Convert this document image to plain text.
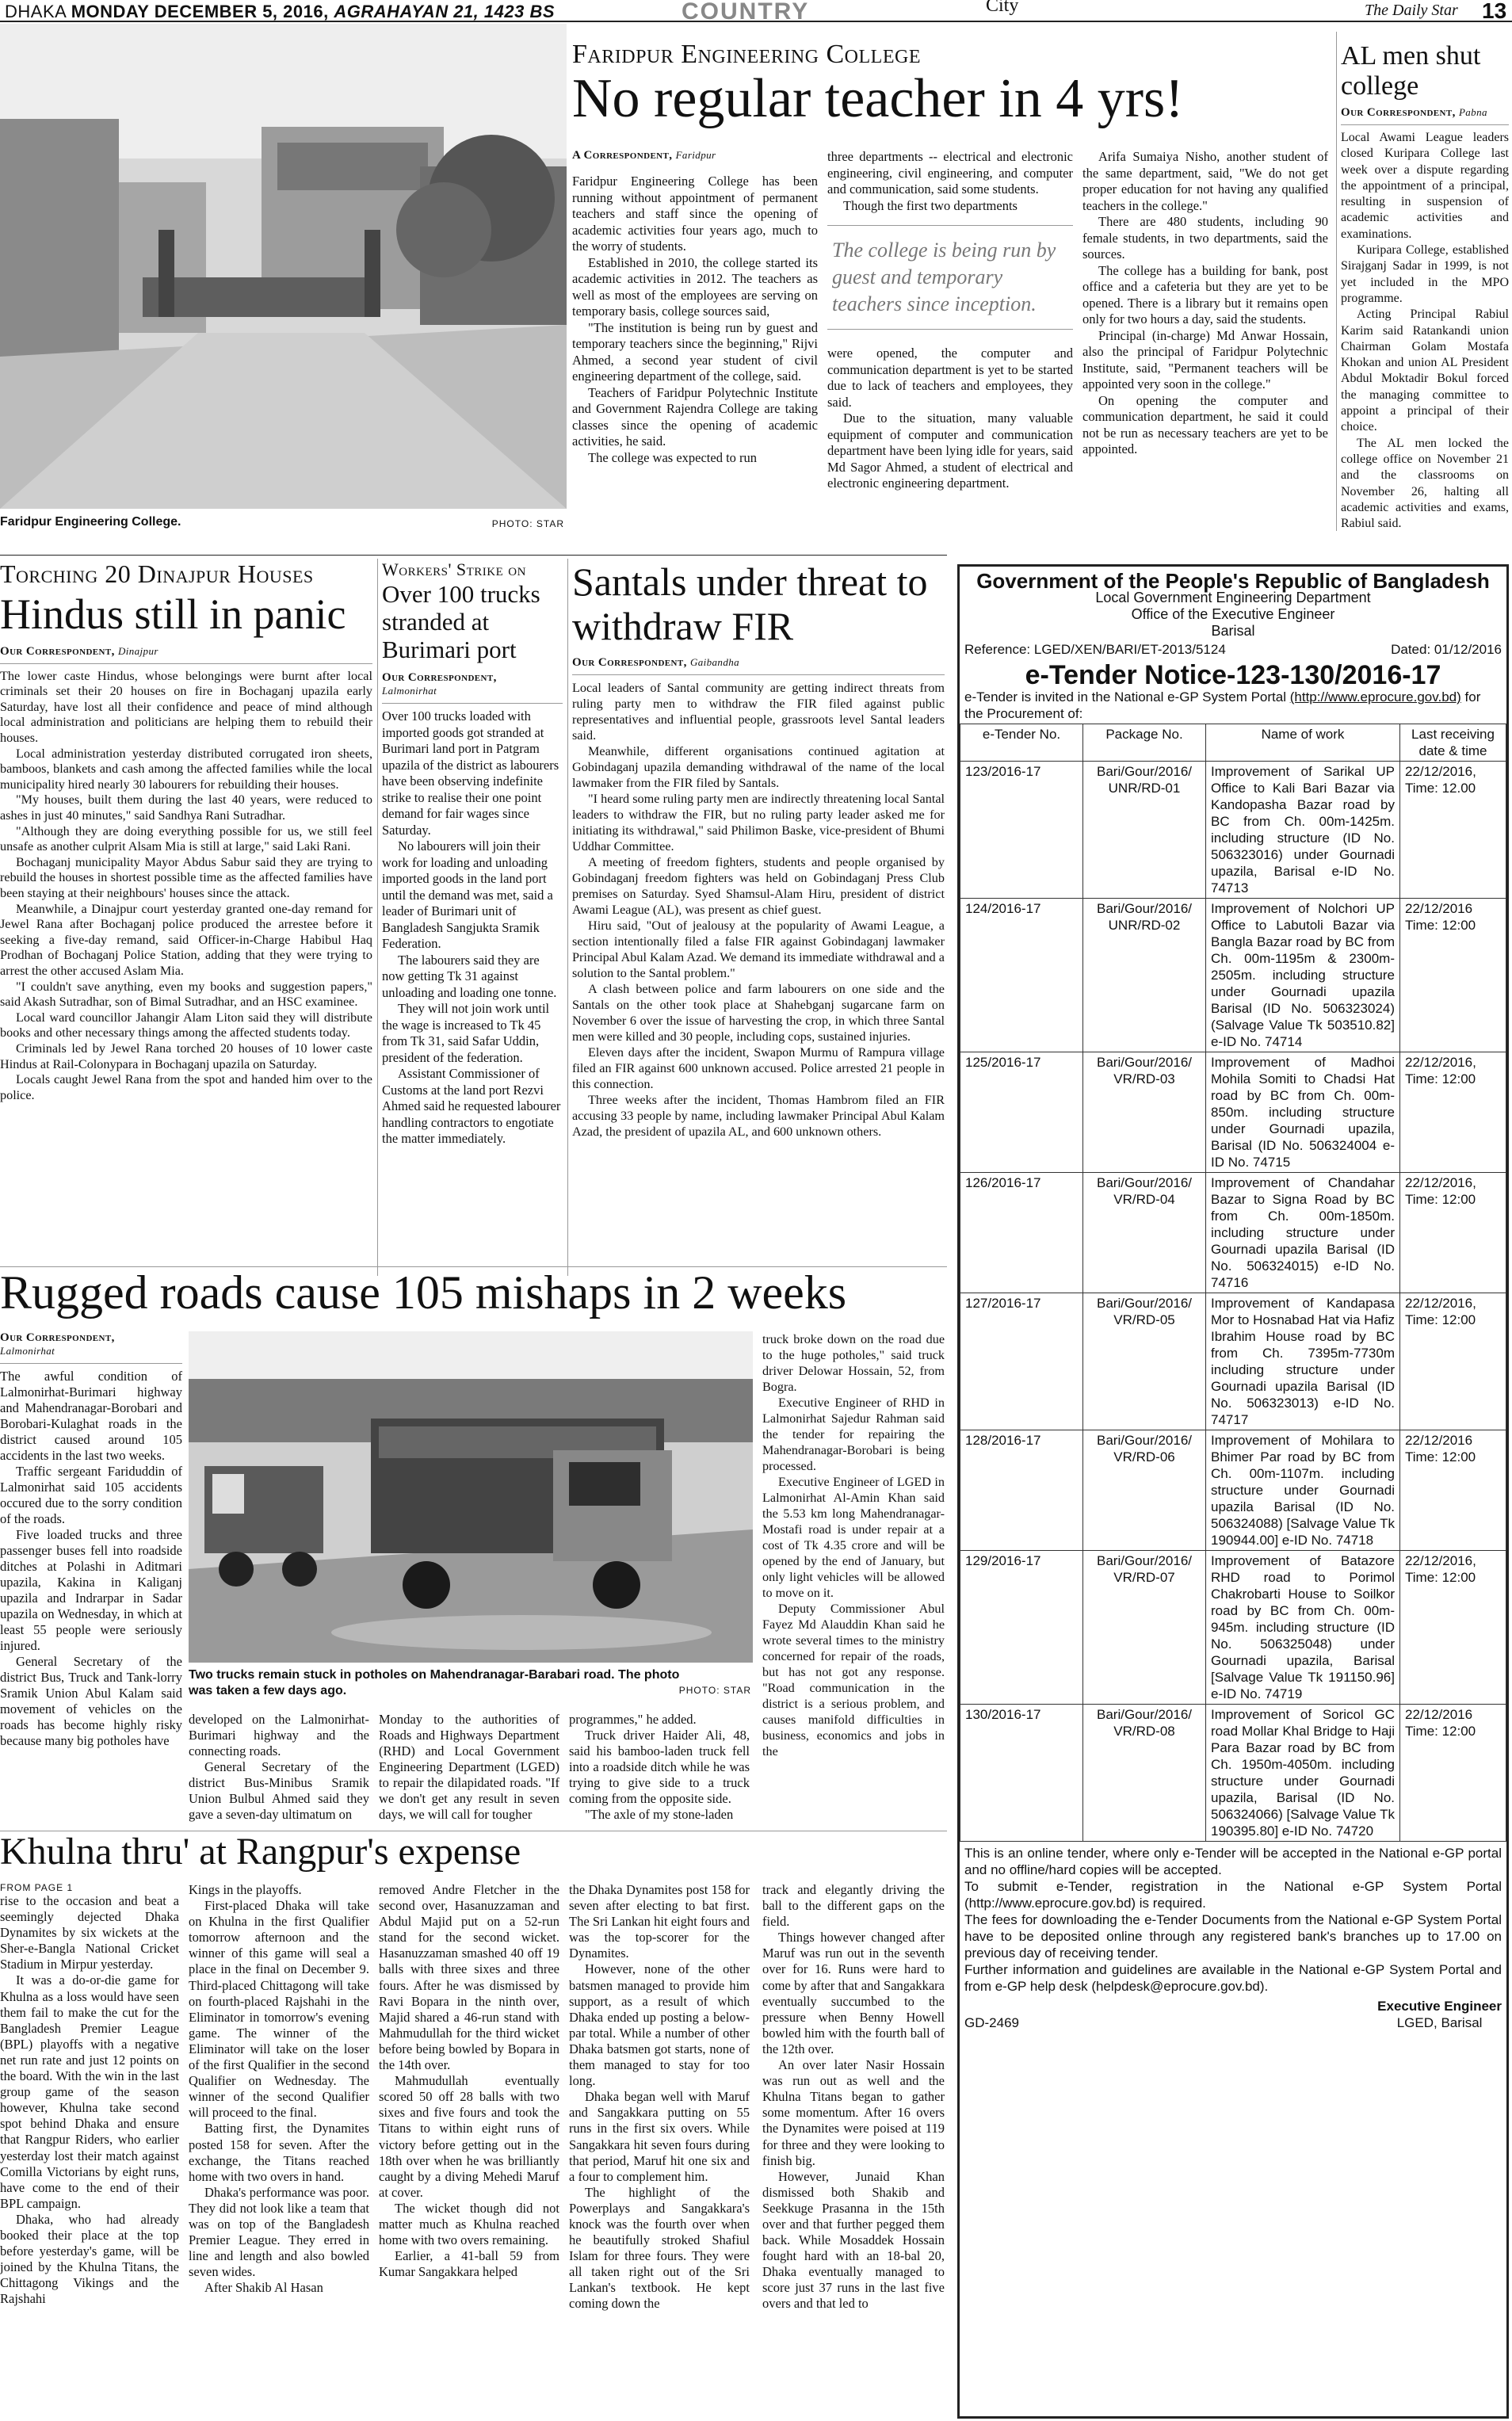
DHAKA MONDAY DECEMBER 5, 2016, AGRAHAYAN 21, 1423 BS	COUNTRY	City	The Daily Star 13
Faridpur Engineering College.	PHOTO: STAR
Faridpur Engineering College
No regular teacher in 4 yrs!
A Correspondent, Faridpur

Faridpur Engineering College has been running without appointment of permanent teachers and staff since the opening of academic activities four years ago, much to the worry of students.

Established in 2010, the college started its academic activities in 2012. The teachers as well as most of the employees are serving on temporary basis, college sources said,

"The institution is being run by guest and temporary teachers since the beginning," Rijvi Ahmed, a second year student of civil engineering department of the college, said.

Teachers of Faridpur Polytechnic Institute and Government Rajendra College are taking classes since the opening of academic activities, he said.

The college was expected to run

three departments -- electrical and electronic engineering, civil engineering, and computer and communication, said some students.

Though the first two departments

The college is being run by guest and temporary teachers since inception.

were opened, the computer and communication department is yet to be started due to lack of teachers and employees, they said.

Due to the situation, many valuable equipment of computer and communication department have been lying idle for years, said Md Sagor Ahmed, a student of electrical and electronic engineering department.

Arifa Sumaiya Nisho, another student of the same department, said, "We do not get proper education for not having any qualified teachers in the college."

There are 480 students, including 90 female students, in two departments, said the sources.

The college has a building for bank, post office and a cafeteria but they are yet to be opened. There is a library but it remains open only for two hours a day, said the students.

Principal (in-charge) Md Anwar Hossain, also the principal of Faridpur Polytechnic Institute, said, "Permanent teachers will be appointed very soon in the college."

On opening the computer and communication department, he said it could not be run as necessary teachers are yet to be appointed.

AL men shut college
Our Correspondent, Pabna

Local Awami League leaders closed Kuripara College last week over a dispute regarding the appointment of a principal, resulting in suspension of academic activities and examinations.

Kuripara College, established Sirajganj Sadar in 1999, is not yet included in the MPO programme.

Acting Principal Rabiul Karim said Ratankandi union Chairman Golam Mostafa Khokan and union AL President Abdul Moktadir Bokul forced the managing committee to appoint a principal of their choice.

The AL men locked the college office on November 21 and the classrooms on November 26, halting all academic activities and exams, Rabiul said.

Torching 20 Dinajpur Houses
Hindus still in panic
Our Correspondent, Dinajpur

The lower caste Hindus, whose belongings were burnt after local criminals set their 20 houses on fire in Bochaganj upazila early Saturday, have lost all their confidence and peace of mind although local administration and politicians are helping them to rebuild their houses.

Local administration yesterday distributed corrugated iron sheets, bamboos, blankets and cash among the affected families while the local municipality hired nearly 30 labourers for rebuilding their houses.

"My houses, built them during the last 40 years, were reduced to ashes in just 40 minutes," said Sandhya Rani Sutradhar.

"Although they are doing everything possible for us, we still feel unsafe as another culprit Alsam Mia is still at large," said Laki Rani.

Bochaganj municipality Mayor Abdus Sabur said they are trying to rebuild the houses in shortest possible time as the affected families have been staying at their neighbours' houses since the attack.

Meanwhile, a Dinajpur court yesterday granted one-day remand for Jewel Rana after Bochaganj police produced the arrestee before it seeking a five-day remand, said Officer-in-Charge Habibul Haq Prodhan of Bochaganj Police Station, adding that they were trying to arrest the other accused Aslam Mia.

"I couldn't save anything, even my books and suggestion papers," said Akash Sutradhar, son of Bimal Sutradhar, and an HSC examinee.

Local ward councillor Jahangir Alam Liton said they will distribute books and other necessary things among the affected students today.

Criminals led by Jewel Rana torched 20 houses of 10 lower caste Hindus at Rail-Colonypara in Bochaganj upazila on Saturday.

Locals caught Jewel Rana from the spot and handed him over to the police.

Workers' Strike on
Over 100 trucks stranded at Burimari port
Our Correspondent,
Lalmonirhat

Over 100 trucks loaded with imported goods got stranded at Burimari land port in Patgram upazila of the district as labourers have been observing indefinite strike to realise their one point demand for fair wages since Saturday.

No labourers will join their work for loading and unloading imported goods in the land port until the demand was met, said a leader of Burimari unit of Bangladesh Sangjukta Sramik Federation.

The labourers said they are now getting Tk 31 against unloading and loading one tonne.

They will not join work until the wage is increased to Tk 45 from Tk 31, said Safar Uddin, president of the federation.

Assistant Commissioner of Customs at the land port Rezvi Ahmed said he requested labourer handling contractors to engotiate the matter immediately.

Santals under threat to withdraw FIR
Our Correspondent, Gaibandha

Local leaders of Santal community are getting indirect threats from ruling party men to withdraw the FIR filed against public representatives and influential people, grassroots level Santal leaders said.

Meanwhile, different organisations continued agitation at Gobindaganj upazila demanding withdrawal of the name of the local lawmaker from the FIR filed by Santals.

"I heard some ruling party men are indirectly threatening local Santal leaders to withdraw the FIR, but no ruling party leader asked me for initiating its withdrawal," said Philimon Baske, vice-president of Bhumi Uddhar Committee.

A meeting of freedom fighters, students and people organised by Gobindaganj freedom fighters was held on Gobindaganj Press Club premises on Saturday. Syed Shamsul-Alam Hiru, president of district Awami League (AL), was present as chief guest.

Hiru said, "Out of jealousy at the popularity of Awami League, a section intentionally filed a false FIR against Gobindaganj lawmaker Principal Abul Kalam Azad. We demand its immediate withdrawal and a solution to the Santal problem."

A clash between police and farm labourers on one side and the Santals on the other took place at Shahebganj sugarcane farm on November 6 over the issue of harvesting the crop, in which three Santal men were killed and 30 people, including cops, sustained injuries.

Eleven days after the incident, Swapon Murmu of Rampura village filed an FIR against 600 unknown accused. Police arrested 21 people in this connection.

Three weeks after the incident, Thomas Hambrom filed an FIR accusing 33 people by name, including lawmaker Principal Abul Kalam Azad, the president of upazila AL, and 600 unknown others.

Rugged roads cause 105 mishaps in 2 weeks
Our Correspondent,
Lalmonirhat

The awful condition of Lalmonirhat-Burimari highway and Mahendranagar-Borobari and Borobari-Kulaghat roads in the district caused around 105 accidents in the last two weeks.

Traffic sergeant Fariduddin of Lalmonirhat said 105 accidents occured due to the sorry condition of the roads.

Five loaded trucks and three passenger buses fell into roadside ditches at Polashi in Aditmari upazila, Kakina in Kaliganj upazila and Indrarpar in Sadar upazila on Wednesday, in which at least 55 people were seriously injured.

General Secretary of the district Bus, Truck and Tank-lorry Sramik Union Abul Kalam said movement of vehicles on the roads has become highly risky because many big potholes have

Two trucks remain stuck in potholes on Mahendranagar-Barabari road. The photo was taken a few days ago.	PHOTO: STAR

developed on the Lalmonirhat-Burimari highway and the connecting roads.

General Secretary of the district Bus-Minibus Sramik Union Bulbul Ahmed said they gave a seven-day ultimatum on

Monday to the authorities of Roads and Highways Department (RHD) and Local Government Engineering Department (LGED) to repair the dilapidated roads. "If we don't get any result in seven days, we will call for tougher

programmes," he added.

Truck driver Haider Ali, 48, said his bamboo-laden truck fell into a roadside ditch while he was trying to give side to a truck coming from the opposite side.

"The axle of my stone-laden

truck broke down on the road due to the huge potholes," said truck driver Delowar Hossain, 52, from Bogra.

Executive Engineer of RHD in Lalmonirhat Sajedur Rahman said the tender for repairing the Mahendranagar-Borobari is being processed.

Executive Engineer of LGED in Lalmonirhat Al-Amin Khan said the 5.53 km long Mahendranagar-Mostafi road is under repair at a cost of Tk 4.35 crore and will be opened by the end of January, but only light vehicles will be allowed to move on it.

Deputy Commissioner Abul Fayez Md Alauddin Khan said he wrote several times to the ministry concerned for repair of the roads, but has not got any response. "Road communication in the district is a serious problem, and causes manifold difficulties in business, economics and jobs in the

Khulna thru' at Rangpur's expense
FROM PAGE 1

rise to the occasion and beat a seemingly dejected Dhaka Dynamites by six wickets at the Sher-e-Bangla National Cricket Stadium in Mirpur yesterday.

It was a do-or-die game for Khulna as a loss would have seen them fail to make the cut for the Bangladesh Premier League (BPL) playoffs with a negative net run rate and just 12 points on the board. With the win in the last group game of the season however, Khulna take second spot behind Dhaka and ensure that Rangpur Riders, who earlier yesterday lost their match against Comilla Victorians by eight runs, have come to the end of their BPL campaign.

Dhaka, who had already booked their place at the top before yesterday's game, will be joined by the Khulna Titans, the Chittagong Vikings and the Rajshahi

Kings in the playoffs.

First-placed Dhaka will take on Khulna in the first Qualifier tomorrow afternoon and the winner of this game will seal a place in the final on December 9. Third-placed Chittagong will take on fourth-placed Rajshahi in the Eliminator in tomorrow's evening game. The winner of the Eliminator will take on the loser of the first Qualifier in the second Qualifier on Wednesday. The winner of the second Qualifier will proceed to the final.

Batting first, the Dynamites posted 158 for seven. After the exchange, the Titans reached home with two overs in hand.

Dhaka's performance was poor. They did not look like a team that was on top of the Bangladesh Premier League. They erred in line and length and also bowled seven wides.

After Shakib Al Hasan

removed Andre Fletcher in the second over, Hasanuzzaman and Abdul Majid put on a 52-run stand for the second wicket. Hasanuzzaman smashed 40 off 19 balls with three sixes and three fours. After he was dismissed by Ravi Bopara in the ninth over, Majid shared a 46-run stand with Mahmudullah for the third wicket before being bowled by Bopara in the 14th over.

Mahmudullah eventually scored 50 off 28 balls with two sixes and five fours and took the Titans to within eight runs of victory before getting out in the 18th over when he was brilliantly caught by a diving Mehedi Maruf at cover.

The wicket though did not matter much as Khulna reached home with two overs remaining.

Earlier, a 41-ball 59 from Kumar Sangakkara helped

the Dhaka Dynamites post 158 for seven after electing to bat first. The Sri Lankan hit eight fours and was the top-scorer for the Dynamites.

However, none of the other batsmen managed to provide him support, as a result of which Dhaka ended up posting a below-par total. While a number of other Dhaka batsmen got starts, none of them managed to stay for too long.

Dhaka began well with Maruf and Sangakkara putting on 55 runs in the first six overs. While Sangakkara hit seven fours during that period, Maruf hit one six and a four to complement him.

The highlight of the Powerplays and Sangakkara's knock was the fourth over when he beautifully stroked Shafiul Islam for three fours. They were all taken right out of the Sri Lankan's textbook. He kept coming down the

track and elegantly driving the ball to the different gaps on the field.

Things however changed after Maruf was run out in the seventh over for 16. Runs were hard to come by after that and Sangakkara eventually succumbed to the pressure when Benny Howell bowled him with the fourth ball of the 12th over.

An over later Nasir Hossain was run out as well and the Khulna Titans began to gather some momentum. After 16 overs the Dynamites were poised at 119 for three and they were looking to finish big.

However, Junaid Khan dismissed both Shakib and Seekkuge Prasanna in the 15th over and that further pegged them back. While Mosaddek Hossain fought hard with an 18-bal 20, Dhaka eventually managed to score just 37 runs in the last five overs and that led to

Government of the People's Republic of Bangladesh
Local Government Engineering Department
Office of the Executive Engineer
Barisal
Reference: LGED/XEN/BARI/ET-2013/5124	Dated: 01/12/2016
e-Tender Notice-123-130/2016-17
e-Tender is invited in the National e-GP System Portal (http://www.eprocure.gov.bd) for the Procurement of:
e-Tender No.	Package No.	Name of work	Last receiving date & time
123/2016-17	Bari/Gour/2016/ UNR/RD-01	Improvement of Sarikal UP Office to Kali Bari Bazar via Kandopasha Bazar road by BC from Ch. 00m-1425m. including structure (ID No. 506323016) under Gournadi upazila, Barisal e-ID No. 74713	22/12/2016, Time: 12.00
124/2016-17	Bari/Gour/2016/ UNR/RD-02	Improvement of Nolchori UP Office to Labutoli Bazar via Bangla Bazar road by BC from Ch. 00m-1195m & 2300m-2505m. including structure under Gournadi upazila Barisal (ID No. 506323024) (Salvage Value Tk 503510.82] e-ID No. 74714	22/12/2016 Time: 12:00
125/2016-17	Bari/Gour/2016/ VR/RD-03	Improvement of Madhoi Mohila Somiti to Chadsi Hat road by BC from Ch. 00m-850m. including structure under Gournadi upazila, Barisal (ID No. 506324004 e-ID No. 74715	22/12/2016, Time: 12:00
126/2016-17	Bari/Gour/2016/ VR/RD-04	Improvement of Chandahar Bazar to Signa Road by BC from Ch. 00m-1850m. including structure under Gournadi upazila Barisal (ID No. 506324015) e-ID No. 74716	22/12/2016, Time: 12:00
127/2016-17	Bari/Gour/2016/ VR/RD-05	Improvement of Kandapasa Mor to Hosnabad Hat via Hafiz Ibrahim House road by BC from Ch. 7395m-7730m including structure under Gournadi upazila Barisal (ID No. 506323013) e-ID No. 74717	22/12/2016, Time: 12:00
128/2016-17	Bari/Gour/2016/ VR/RD-06	Improvement of Mohilara to Bhimer Par road by BC from Ch. 00m-1107m. including structure under Gournadi upazila Barisal (ID No. 506324088) [Salvage Value Tk 190944.00] e-ID No. 74718	22/12/2016 Time: 12:00
129/2016-17	Bari/Gour/2016/ VR/RD-07	Improvement of Batazore RHD road to Porimol Chakrobarti House to Soilkor road by BC from Ch. 00m-945m. including structure (ID No. 506325048) under Gournadi upazila, Barisal [Salvage Value Tk 191150.96] e-ID No. 74719	22/12/2016, Time: 12:00
130/2016-17	Bari/Gour/2016/ VR/RD-08	Improvement of Soricol GC road Mollar Khal Bridge to Haji Para Bazar road by BC from Ch. 1950m-4050m. including structure under Gournadi upazila, Barisal (ID No. 506324066) [Salvage Value Tk 190395.80] e-ID No. 74720	22/12/2016 Time: 12:00

This is an online tender, where only e-Tender will be accepted in the National e-GP portal and no offline/hard copies will be accepted.

To submit e-Tender, registration in the National e-GP System Portal (http://www.eprocure.gov.bd) is required.

The fees for downloading the e-Tender Documents from the National e-GP System Portal have to be deposited online through any registered bank's branches up to 17.00 on previous day of receiving tender.

Further information and guidelines are available in the National e-GP System Portal and from e-GP help desk (helpdesk@eprocure.gov.bd).

GD-2469
Executive Engineer
LGED, Barisal
